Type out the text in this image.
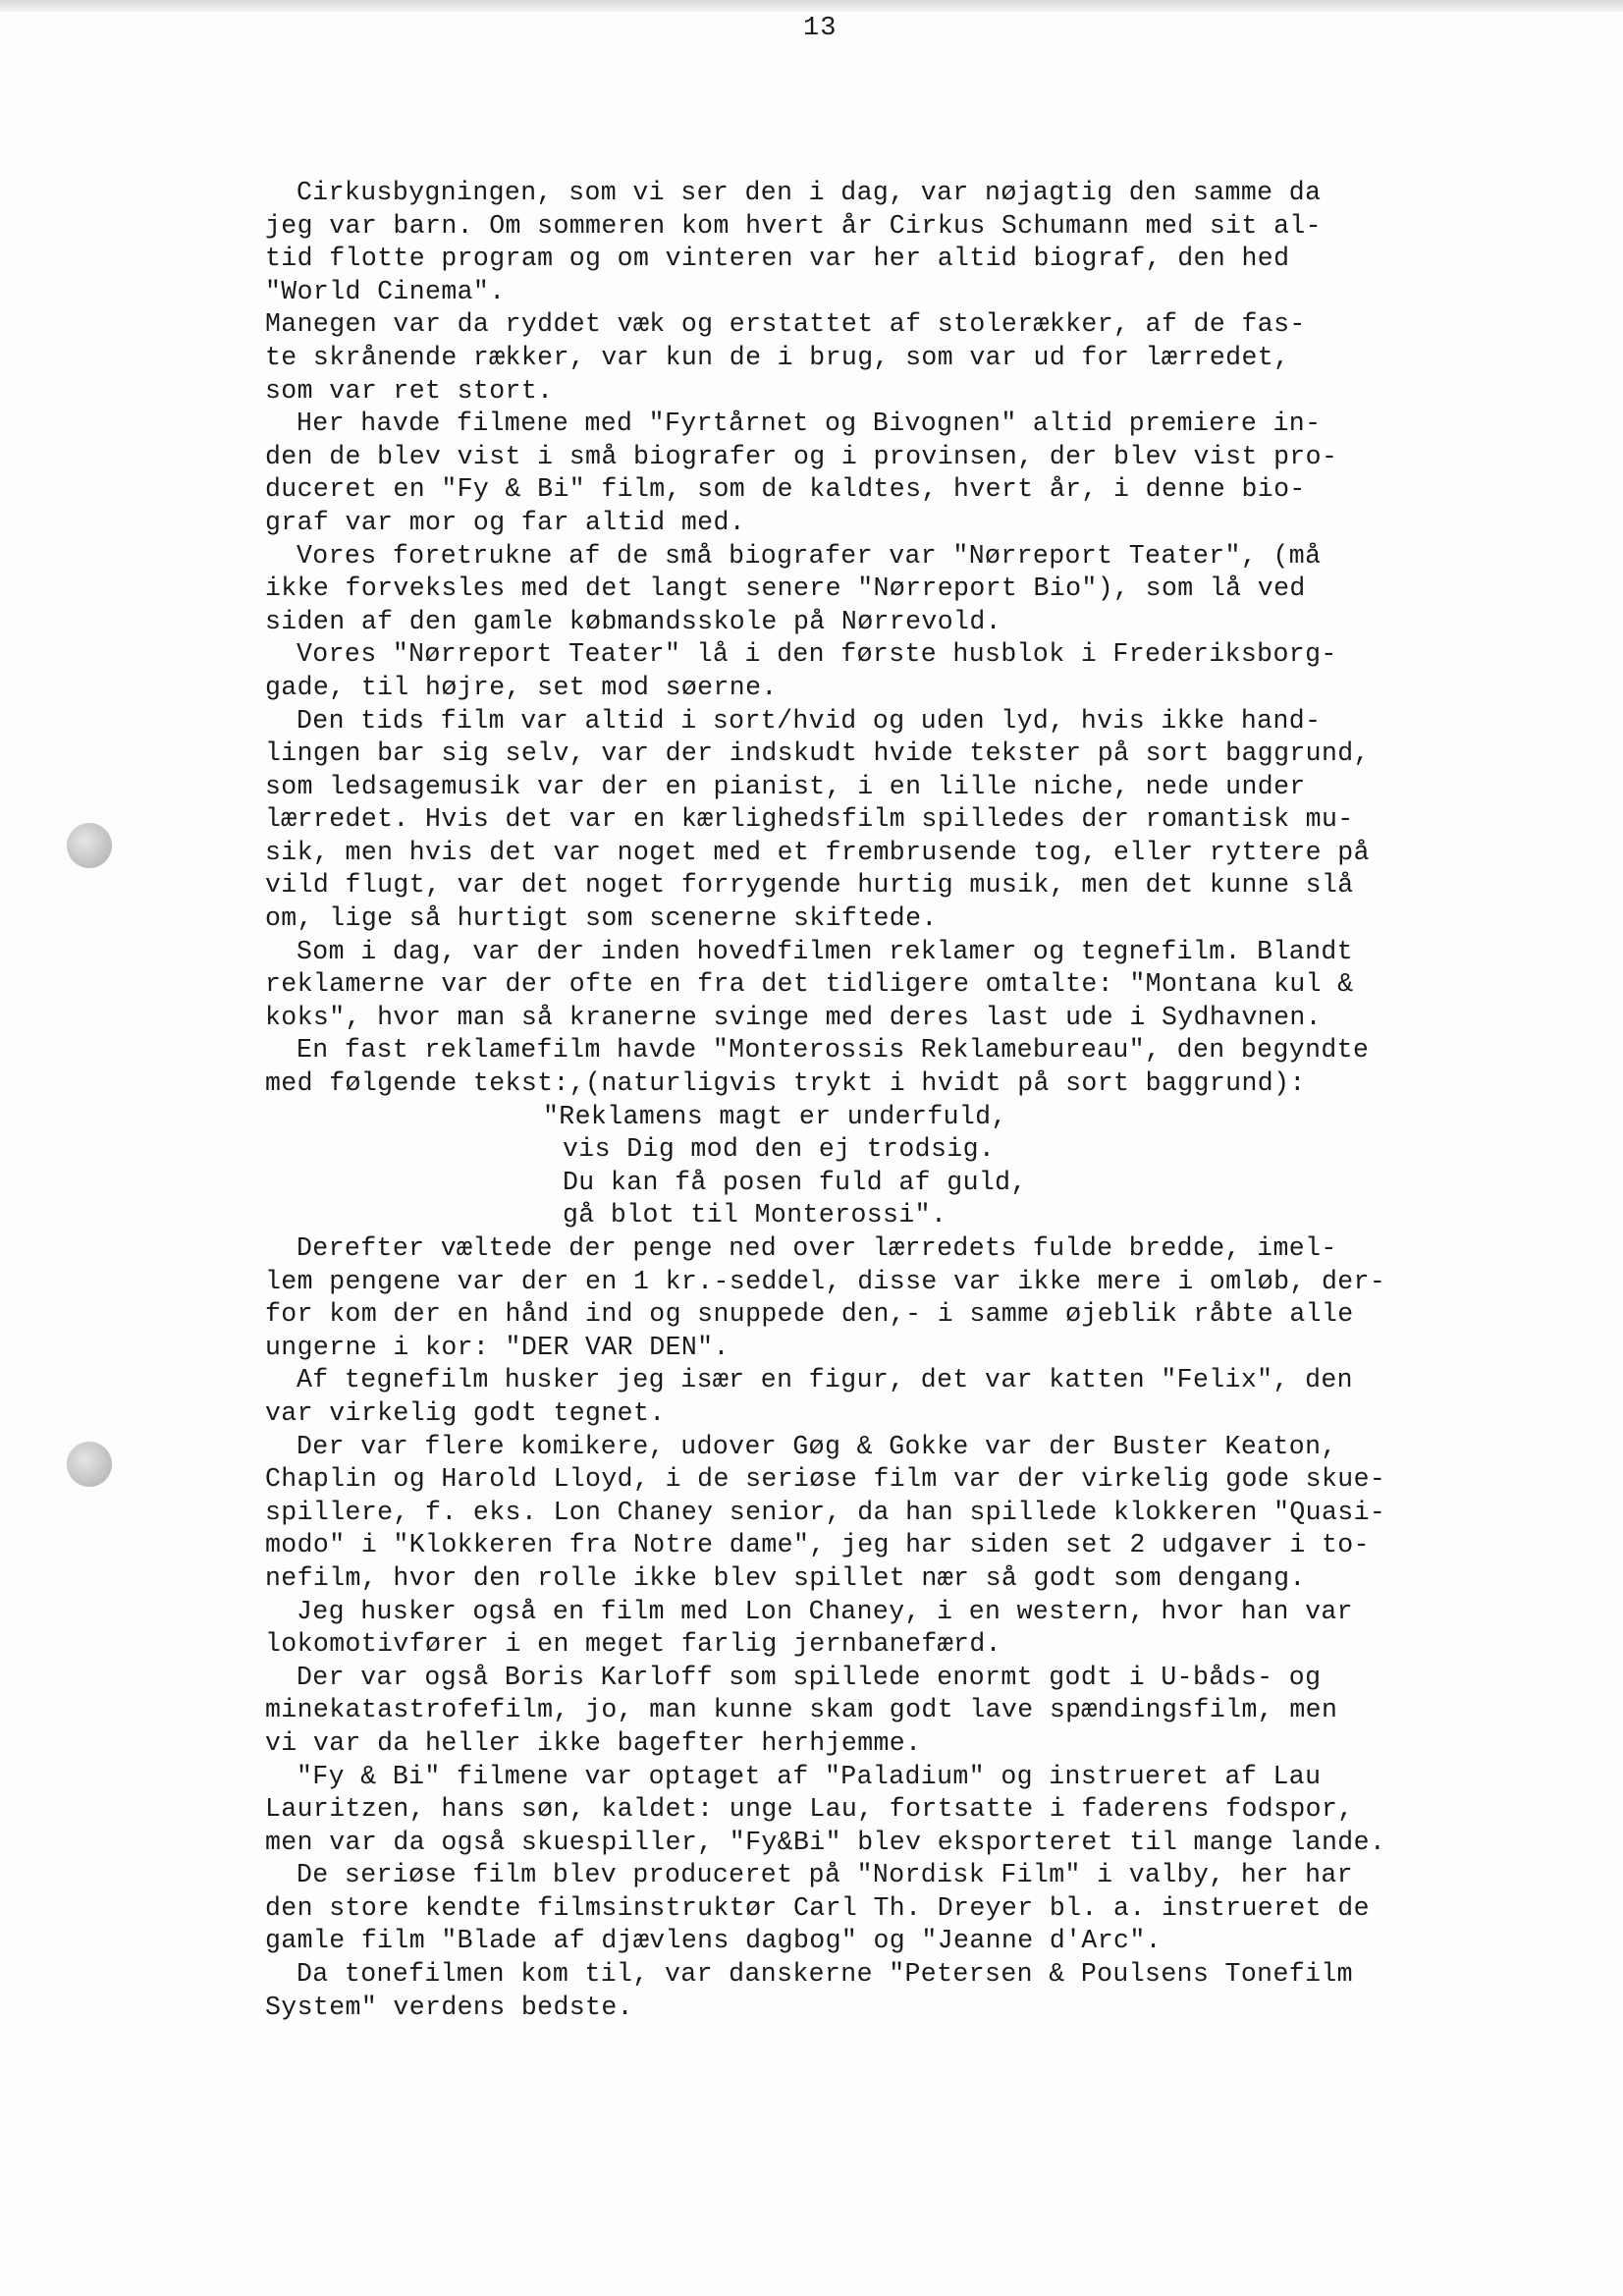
13
Cirkusbygningen, som vi ser den i dag, var nøjagtig den samme da
jeg var barn. Om sommeren kom hvert år Cirkus Schumann med sit al-
tid flotte program og om vinteren var her altid biograf, den hed
"World Cinema".
Manegen var da ryddet væk og erstattet af stolerækker, af de fas-
te skrånende rækker, var kun de i brug, som var ud for lærredet,
som var ret stort.
Her havde filmene med "Fyrtårnet og Bivognen" altid premiere in-
den de blev vist i små biografer og i provinsen, der blev vist pro-
duceret en "Fy & Bi" film, som de kaldtes, hvert år, i denne bio-
graf var mor og far altid med.
Vores foretrukne af de små biografer var "Nørreport Teater", (må
ikke forveksles med det langt senere "Nørreport Bio"), som lå ved
siden af den gamle købmandsskole på Nørrevold.
Vores "Nørreport Teater" lå i den første husblok i Frederiksborg-
gade, til højre, set mod søerne.
Den tids film var altid i sort/hvid og uden lyd, hvis ikke hand-
lingen bar sig selv, var der indskudt hvide tekster på sort baggrund,
som ledsagemusik var der en pianist, i en lille niche, nede under
lærredet. Hvis det var en kærlighedsfilm spilledes der romantisk mu-
sik, men hvis det var noget med et frembrusende tog, eller ryttere på
vild flugt, var det noget forrygende hurtig musik, men det kunne slå
om, lige så hurtigt som scenerne skiftede.
Som i dag, var der inden hovedfilmen reklamer og tegnefilm. Blandt
reklamerne var der ofte en fra det tidligere omtalte: "Montana kul &
koks", hvor man så kranerne svinge med deres last ude i Sydhavnen.
En fast reklamefilm havde "Monterossis Reklamebureau", den begyndte
med følgende tekst:,(naturligvis trykt i hvidt på sort baggrund):
"Reklamens magt er underfuld,
vis Dig mod den ej trodsig.
Du kan få posen fuld af guld,
gå blot til Monterossi".
Derefter væltede der penge ned over lærredets fulde bredde, imel-
lem pengene var der en 1 kr.-seddel, disse var ikke mere i omløb, der-
for kom der en hånd ind og snuppede den,- i samme øjeblik råbte alle
ungerne i kor: "DER VAR DEN".
Af tegnefilm husker jeg især en figur, det var katten "Felix", den
var virkelig godt tegnet.
Der var flere komikere, udover Gøg & Gokke var der Buster Keaton,
Chaplin og Harold Lloyd, i de seriøse film var der virkelig gode skue-
spillere, f. eks. Lon Chaney senior, da han spillede klokkeren "Quasi-
modo" i "Klokkeren fra Notre dame", jeg har siden set 2 udgaver i to-
nefilm, hvor den rolle ikke blev spillet nær så godt som dengang.
Jeg husker også en film med Lon Chaney, i en western, hvor han var
lokomotivfører i en meget farlig jernbanefærd.
Der var også Boris Karloff som spillede enormt godt i U-båds- og
minekatastrofefilm, jo, man kunne skam godt lave spændingsfilm, men
vi var da heller ikke bagefter herhjemme.
"Fy & Bi" filmene var optaget af "Paladium" og instrueret af Lau
Lauritzen, hans søn, kaldet: unge Lau, fortsatte i faderens fodspor,
men var da også skuespiller, "Fy&Bi" blev eksporteret til mange lande.
De seriøse film blev produceret på "Nordisk Film" i valby, her har
den store kendte filmsinstruktør Carl Th. Dreyer bl. a. instrueret de
gamle film "Blade af djævlens dagbog" og "Jeanne d'Arc".
Da tonefilmen kom til, var danskerne "Petersen & Poulsens Tonefilm
System" verdens bedste.
